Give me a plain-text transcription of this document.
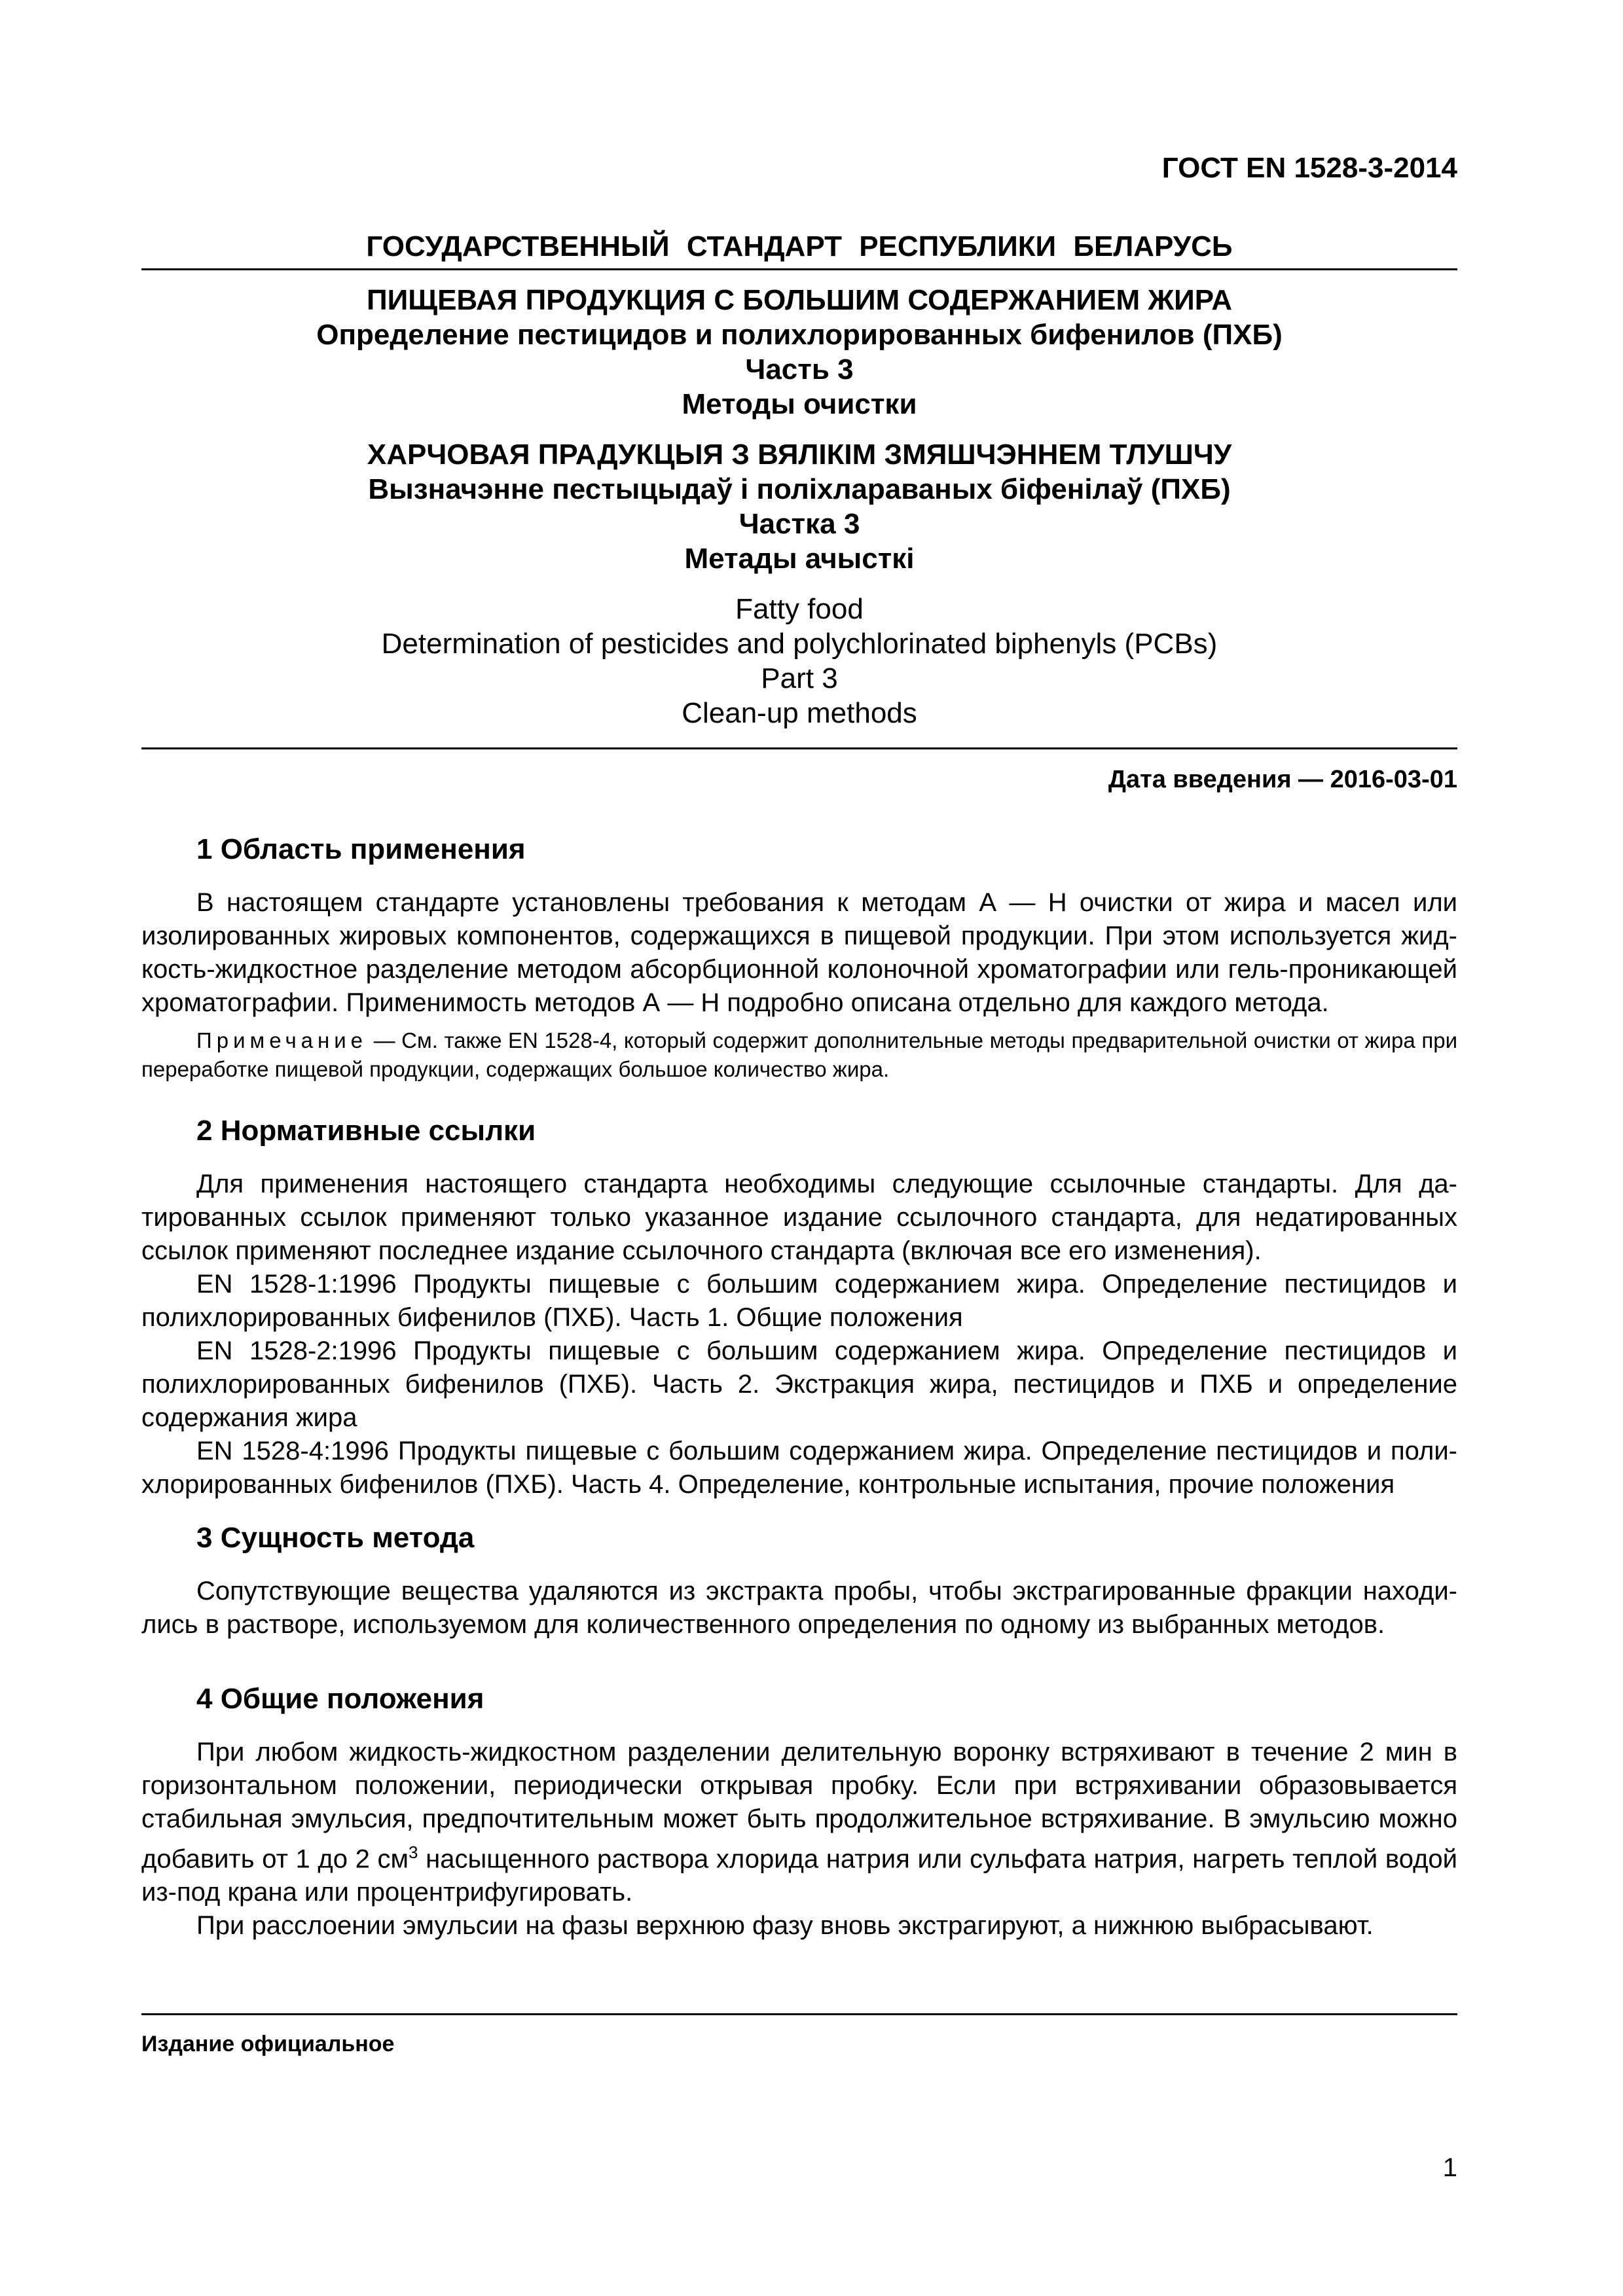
ГОСТ EN 1528-3-2014
ГОСУДАРСТВЕННЫЙ СТАНДАРТ РЕСПУБЛИКИ БЕЛАРУСЬ
ПИЩЕВАЯ ПРОДУКЦИЯ С БОЛЬШИМ СОДЕРЖАНИЕМ ЖИРА
Определение пестицидов и полихлорированных бифенилов (ПХБ)
Часть 3
Методы очистки
ХАРЧОВАЯ ПРАДУКЦЫЯ З ВЯЛІКІМ ЗМЯШЧЭННЕМ ТЛУШЧУ
Вызначэнне пестыцыдаў і поліхлараваных біфенілаў (ПХБ)
Частка 3
Метады ачысткі
Fatty food
Determination of pesticides and polychlorinated biphenyls (PCBs)
Part 3
Clean-up methods
Дата введения — 2016-03-01
1 Область применения

В настоящем стандарте установлены требования к методам А — Н очистки от жира и масел или изолированных жировых компонентов, содержащихся в пищевой продукции. При этом используется жидкость-жидкостное разделение методом абсорбционной колоночной хроматографии или гель-проникающей хроматографии. Применимость методов А — Н подробно описана отдельно для каждого метода.

Примечание — См. также EN 1528-4, который содержит дополнительные методы предварительной очистки от жира при переработке пищевой продукции, содержащих большое количество жира.

2 Нормативные ссылки

Для применения настоящего стандарта необходимы следующие ссылочные стандарты. Для датированных ссылок применяют только указанное издание ссылочного стандарта, для недатированных ссылок применяют последнее издание ссылочного стандарта (включая все его изменения).

EN 1528-1:1996 Продукты пищевые с большим содержанием жира. Определение пестицидов и полихлорированных бифенилов (ПХБ). Часть 1. Общие положения

EN 1528-2:1996 Продукты пищевые с большим содержанием жира. Определение пестицидов и полихлорированных бифенилов (ПХБ). Часть 2. Экстракция жира, пестицидов и ПХБ и определение содержания жира

EN 1528-4:1996 Продукты пищевые с большим содержанием жира. Определение пестицидов и полихлорированных бифенилов (ПХБ). Часть 4. Определение, контрольные испытания, прочие положения

3 Сущность метода

Сопутствующие вещества удаляются из экстракта пробы, чтобы экстрагированные фракции находились в растворе, используемом для количественного определения по одному из выбранных методов.

4 Общие положения

При любом жидкость-жидкостном разделении делительную воронку встряхивают в течение 2 мин в горизонтальном положении, периодически открывая пробку. Если при встряхивании образовывается стабильная эмульсия, предпочтительным может быть продолжительное встряхивание. В эмульсию можно добавить от 1 до 2 $см^3$ насыщенного раствора хлорида натрия или сульфата натрия, нагреть теплой водой из-под крана или процентрифугировать.

При расслоении эмульсии на фазы верхнюю фазу вновь экстрагируют, а нижнюю выбрасывают.

Издание официальное
1
